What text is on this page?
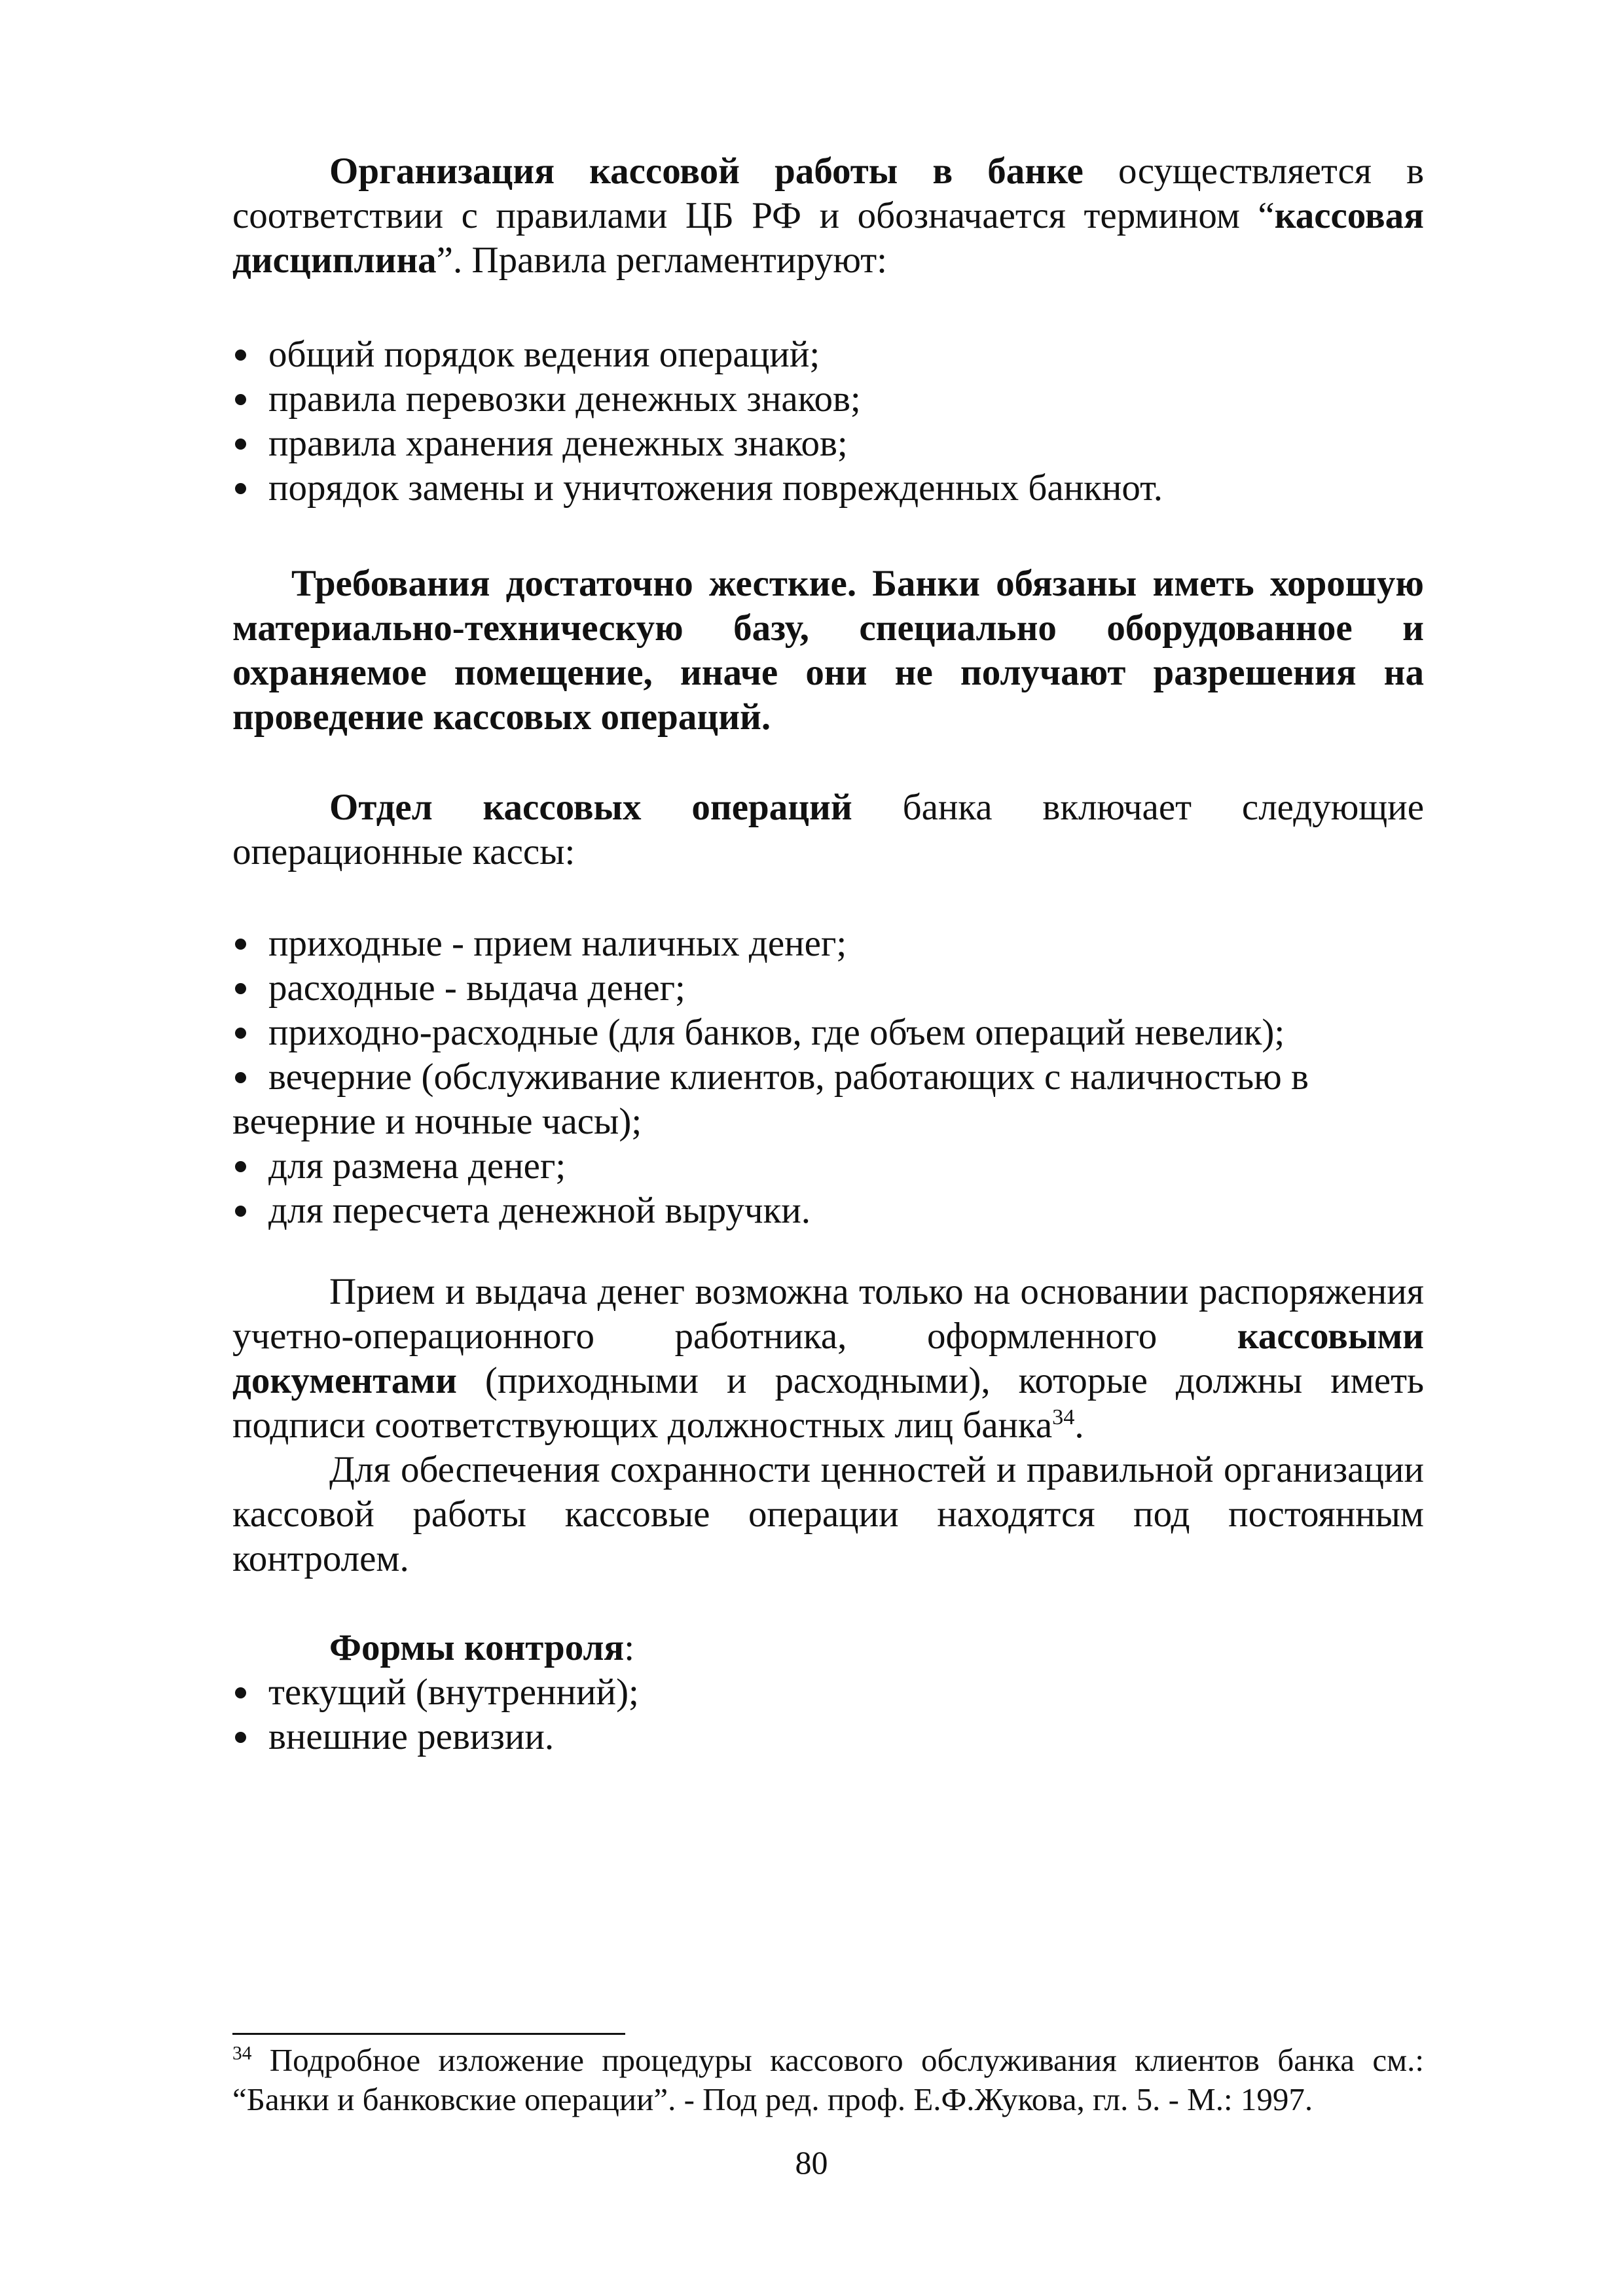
Организация кассовой работы в банке осуществляется в соответствии с правилами ЦБ РФ и обозначается термином “кассовая дисциплина”. Правила регламентируют:

общий порядок ведения операций;
правила перевозки денежных знаков;
правила хранения денежных знаков;
порядок замены и уничтожения поврежденных банкнот.

Требования достаточно жесткие. Банки обязаны иметь хорошую материально-техническую базу, специально оборудованное и охраняемое помещение, иначе они не получают разрешения на проведение кассовых операций.

Отдел кассовых операций банка включает следующие операционные кассы:

приходные - прием наличных денег;
расходные - выдача денег;
приходно-расходные (для банков, где объем операций невелик);
вечерние (обслуживание клиентов, работающих с наличностью в вечерние и ночные часы);
для размена денег;
для пересчета денежной выручки.

Прием и выдача денег возможна только на основании распоряжения учетно-операционного работника, оформленного кассовыми документами (приходными и расходными), которые должны иметь подписи соответствующих должностных лиц банка$^{34}$.

Для обеспечения сохранности ценностей и правильной организации кассовой работы кассовые операции находятся под постоянным контролем.

Формы контроля:

текущий (внутренний);
внешние ревизии.

$^{34}$ Подробное изложение процедуры кассового обслуживания клиентов банка см.: “Банки и банковские операции”. - Под ред. проф. Е.Ф.Жукова, гл. 5. - М.: 1997.

80
